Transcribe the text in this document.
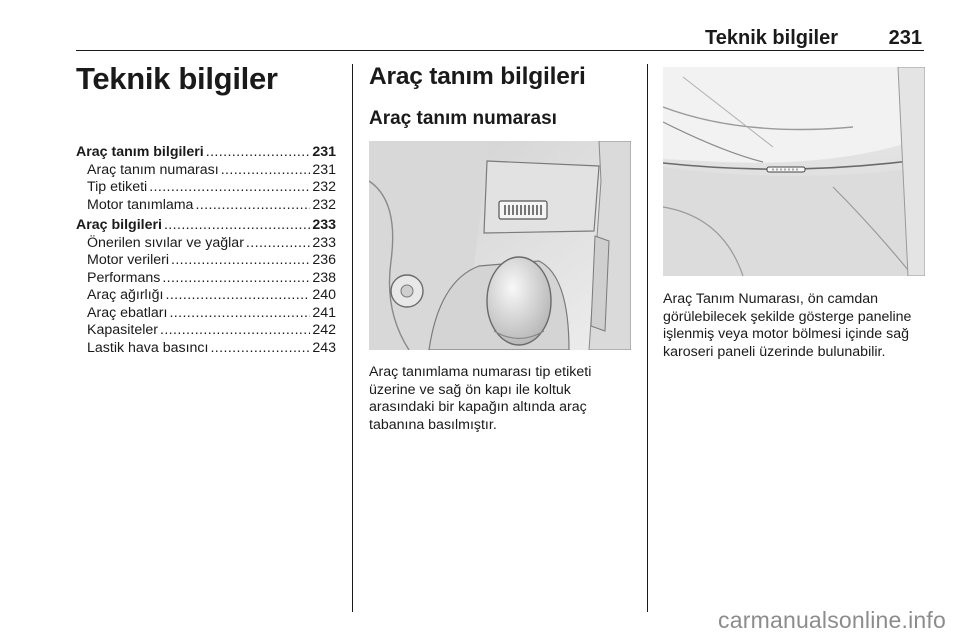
Teknik bilgiler	231
Teknik bilgiler
Araç tanım bilgileri .....	231
Araç tanım numarası .....	231
Tip etiketi .....	232
Motor tanımlama .....	232
Araç bilgileri .....	233
Önerilen sıvılar ve yağlar .....	233
Motor verileri .....	236
Performans .....	238
Araç ağırlığı .....	240
Araç ebatları .....	241
Kapasiteler .....	242
Lastik hava basıncı .....	243
Araç tanım bilgileri
Araç tanım numarası
Araç tanımlama numarası tip etiketi üzerine ve sağ ön kapı ile koltuk arasındaki bir kapağın altında araç tabanına basılmıştır.
Araç Tanım Numarası, ön camdan görülebilecek şekilde gösterge paneline işlenmiş veya motor bölmesi içinde sağ karoseri paneli üzerinde bulunabilir.
carmanualsonline.info
